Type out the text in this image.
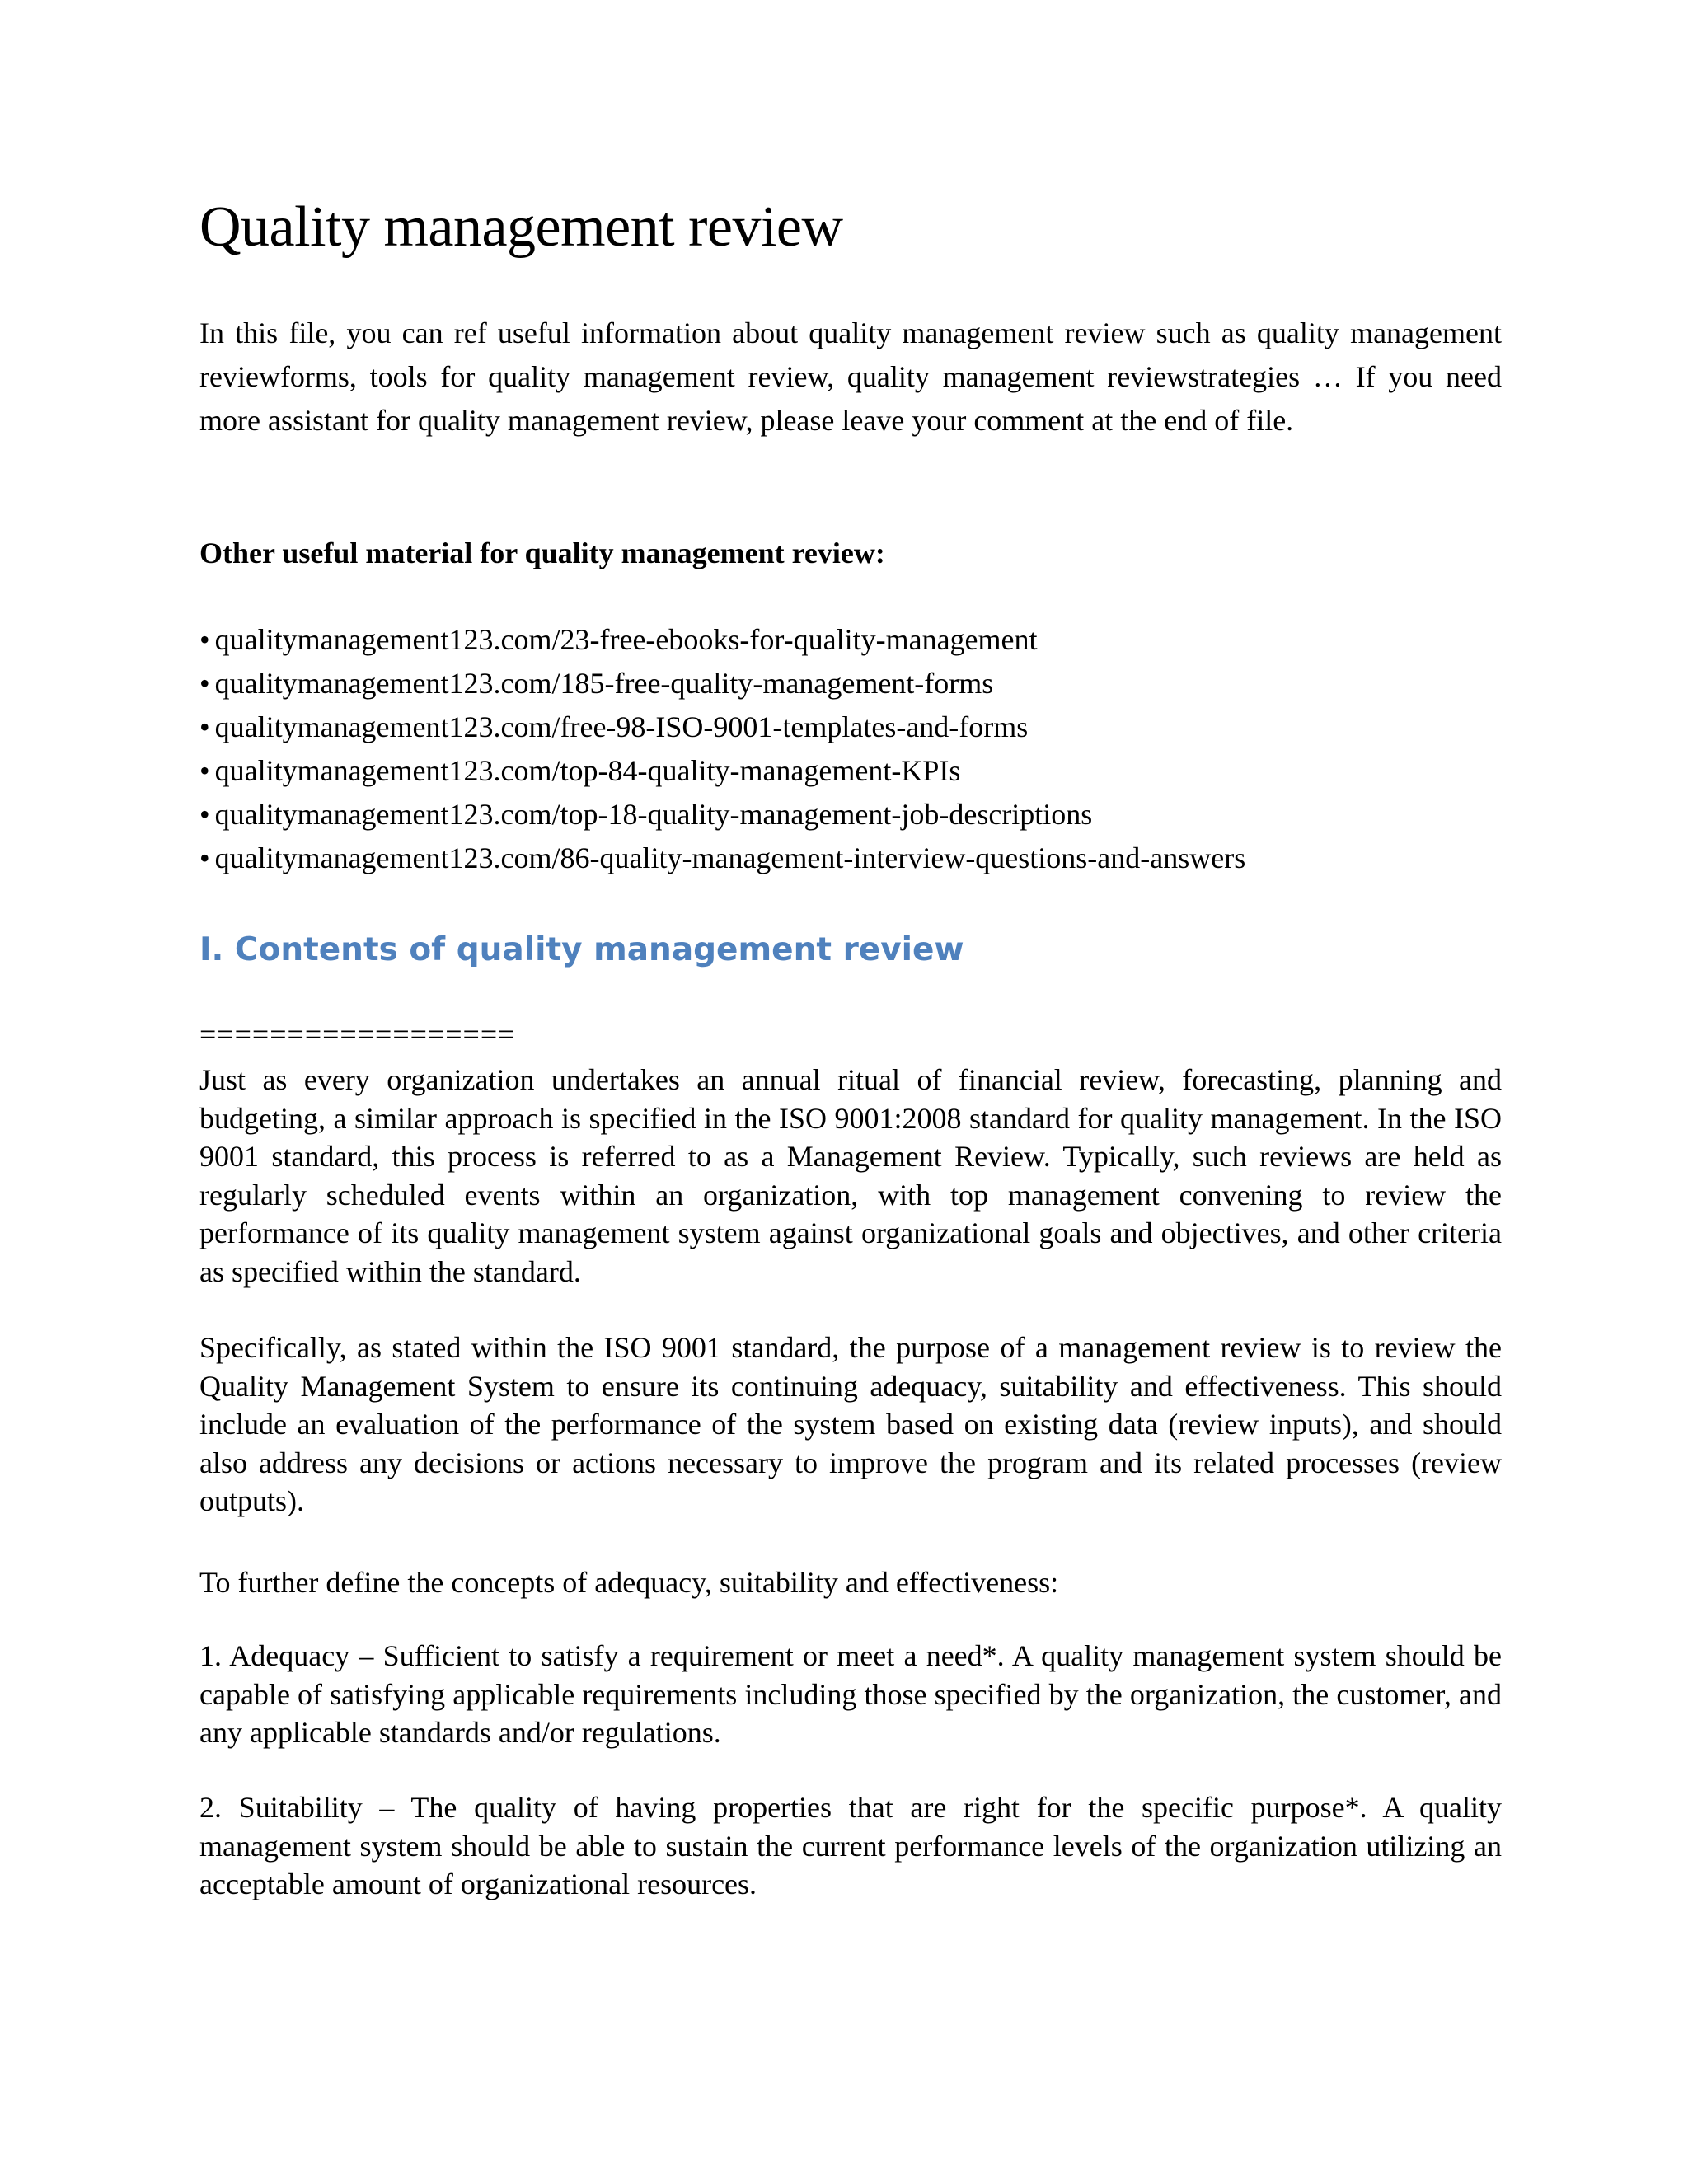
Quality management review

In this file, you can ref useful information about quality management review such as quality management reviewforms, tools for quality management review, quality management reviewstrategies … If you need more assistant for quality management review, please leave your comment at the end of file.

Other useful material for quality management review:

• qualitymanagement123.com/23-free-ebooks-for-quality-management
• qualitymanagement123.com/185-free-quality-management-forms
• qualitymanagement123.com/free-98-ISO-9001-templates-and-forms
• qualitymanagement123.com/top-84-quality-management-KPIs
• qualitymanagement123.com/top-18-quality-management-job-descriptions
• qualitymanagement123.com/86-quality-management-interview-questions-and-answers
I. Contents of quality management review
==================

Just as every organization undertakes an annual ritual of financial review, forecasting, planning and budgeting, a similar approach is specified in the ISO 9001:2008 standard for quality management. In the ISO 9001 standard, this process is referred to as a Management Review. Typically, such reviews are held as regularly scheduled events within an organization, with top management convening to review the performance of its quality management system against organizational goals and objectives, and other criteria as specified within the standard.

Specifically, as stated within the ISO 9001 standard, the purpose of a management review is to review the Quality Management System to ensure its continuing adequacy, suitability and effectiveness. This should include an evaluation of the performance of the system based on existing data (review inputs), and should also address any decisions or actions necessary to improve the program and its related processes (review outputs).

To further define the concepts of adequacy, suitability and effectiveness:

1. Adequacy – Sufficient to satisfy a requirement or meet a need*. A quality management system should be capable of satisfying applicable requirements including those specified by the organization, the customer, and any applicable standards and/or regulations.

2. Suitability – The quality of having properties that are right for the specific purpose*. A quality management system should be able to sustain the current performance levels of the organization utilizing an acceptable amount of organizational resources.
